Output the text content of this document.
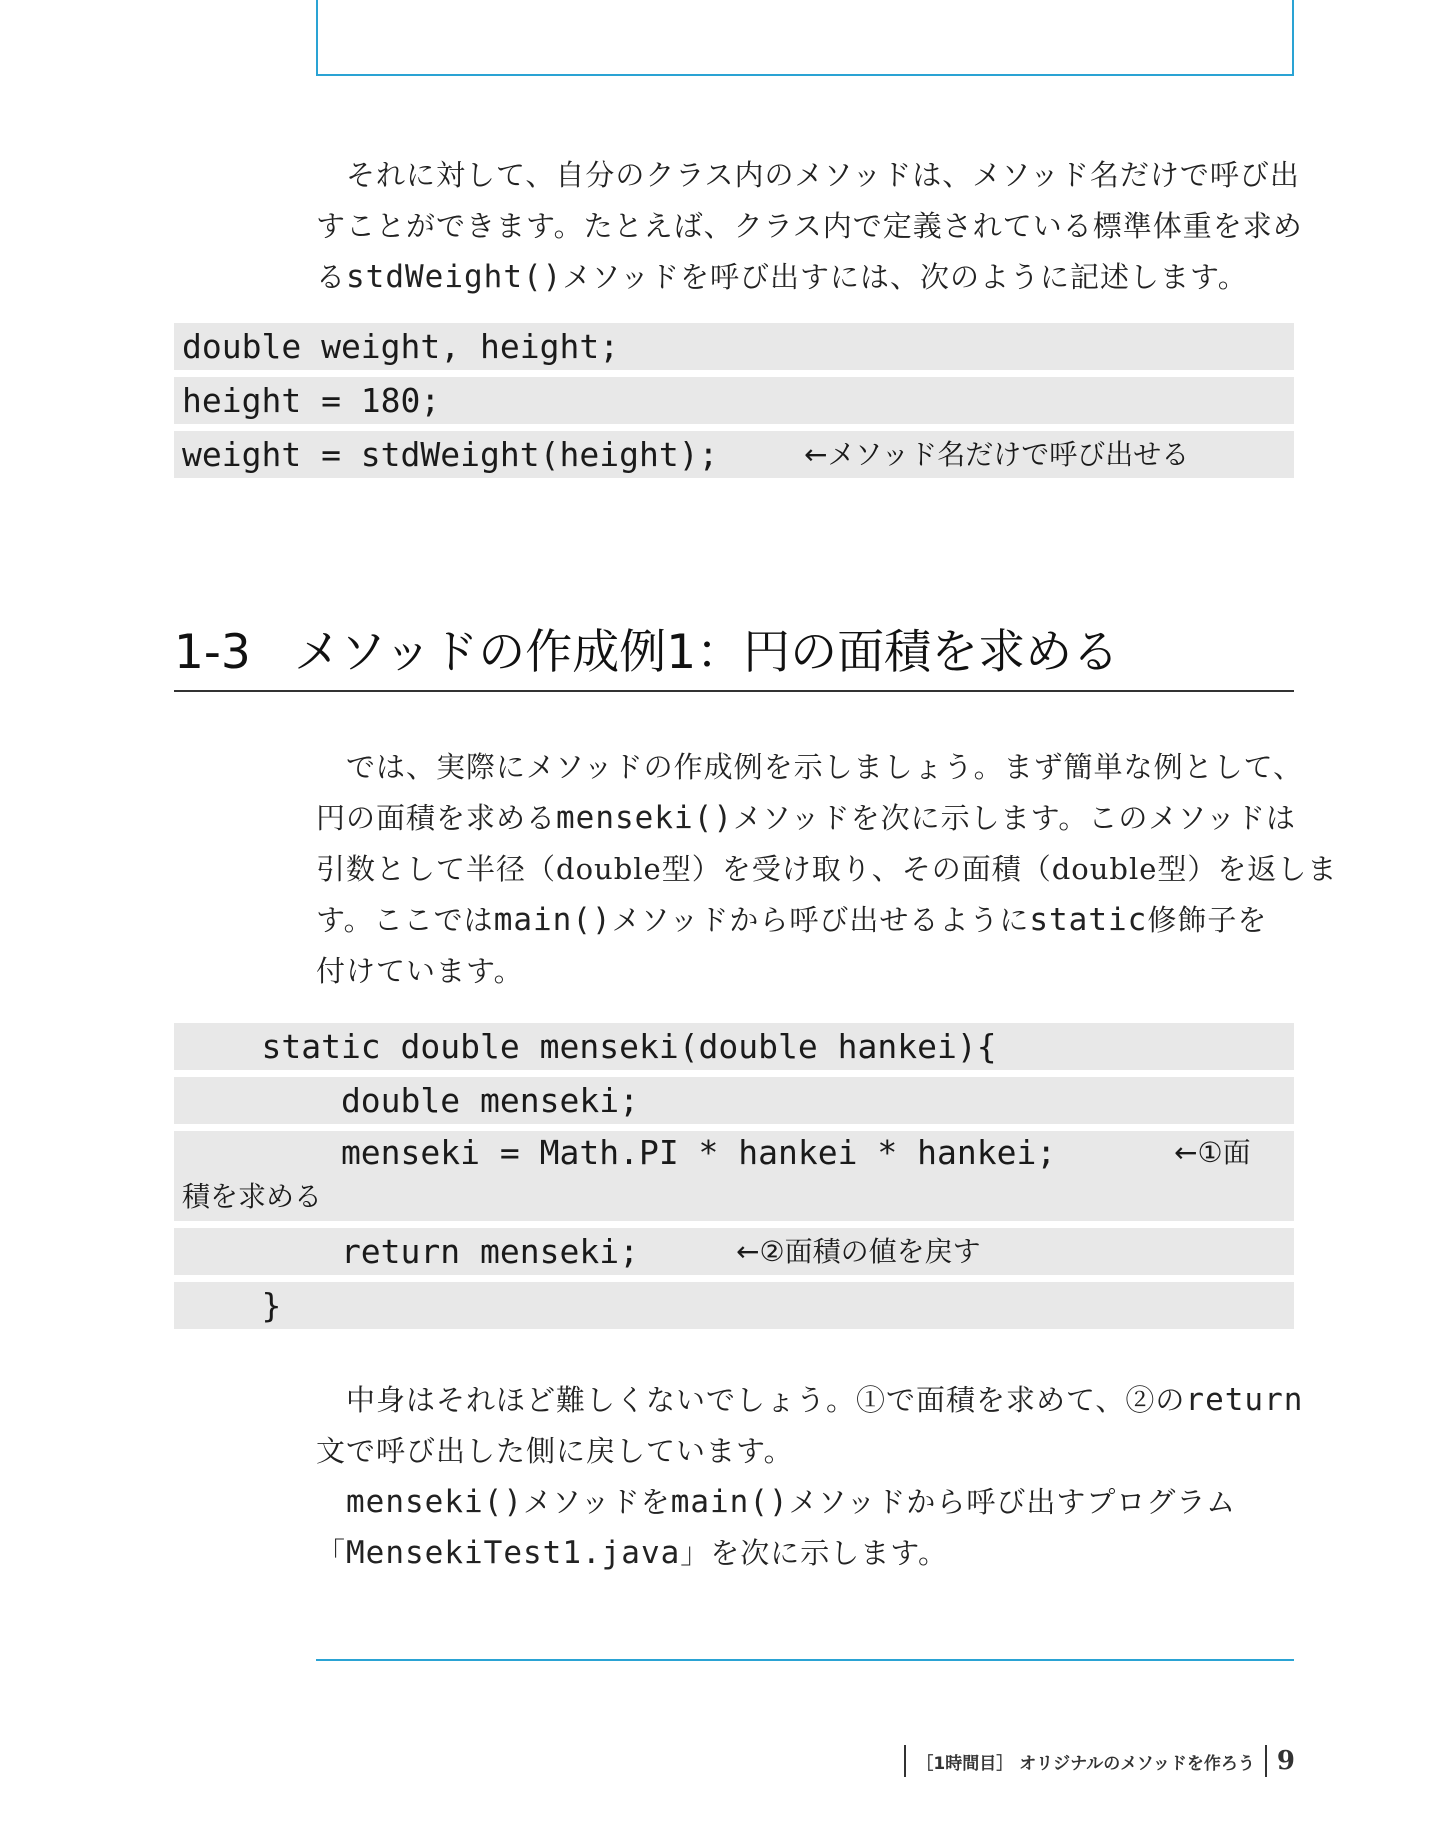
　それに対して、自分のクラス内のメソッドは、メソッド名だけで呼び出
すことができます。たとえば、クラス内で定義されている標準体重を求め
るstdWeight()メソッドを呼び出すには、次のように記述します。
double weight, height;
height = 180;
weight = stdWeight(height);	←メソッド名だけで呼び出せる
1-3 メソッドの作成例1：円の面積を求める
　では、実際にメソッドの作成例を示しましょう。まず簡単な例として、
円の面積を求めるmenseki()メソッドを次に示します。このメソッドは
引数として半径（double型）を受け取り、その面積（double型）を返しま
す。ここではmain()メソッドから呼び出せるようにstatic修飾子を
付けています。
static double menseki(double hankei){
double menseki;
menseki = Math.PI * hankei * hankei;	←①面
積を求める
return menseki;	←②面積の値を戻す
}
　中身はそれほど難しくないでしょう。①で面積を求めて、②のreturn
文で呼び出した側に戻しています。
　menseki()メソッドをmain()メソッドから呼び出すプログラム
「MensekiTest1.java」を次に示します。
［1時間目］ オリジナルのメソッドを作ろう 9
